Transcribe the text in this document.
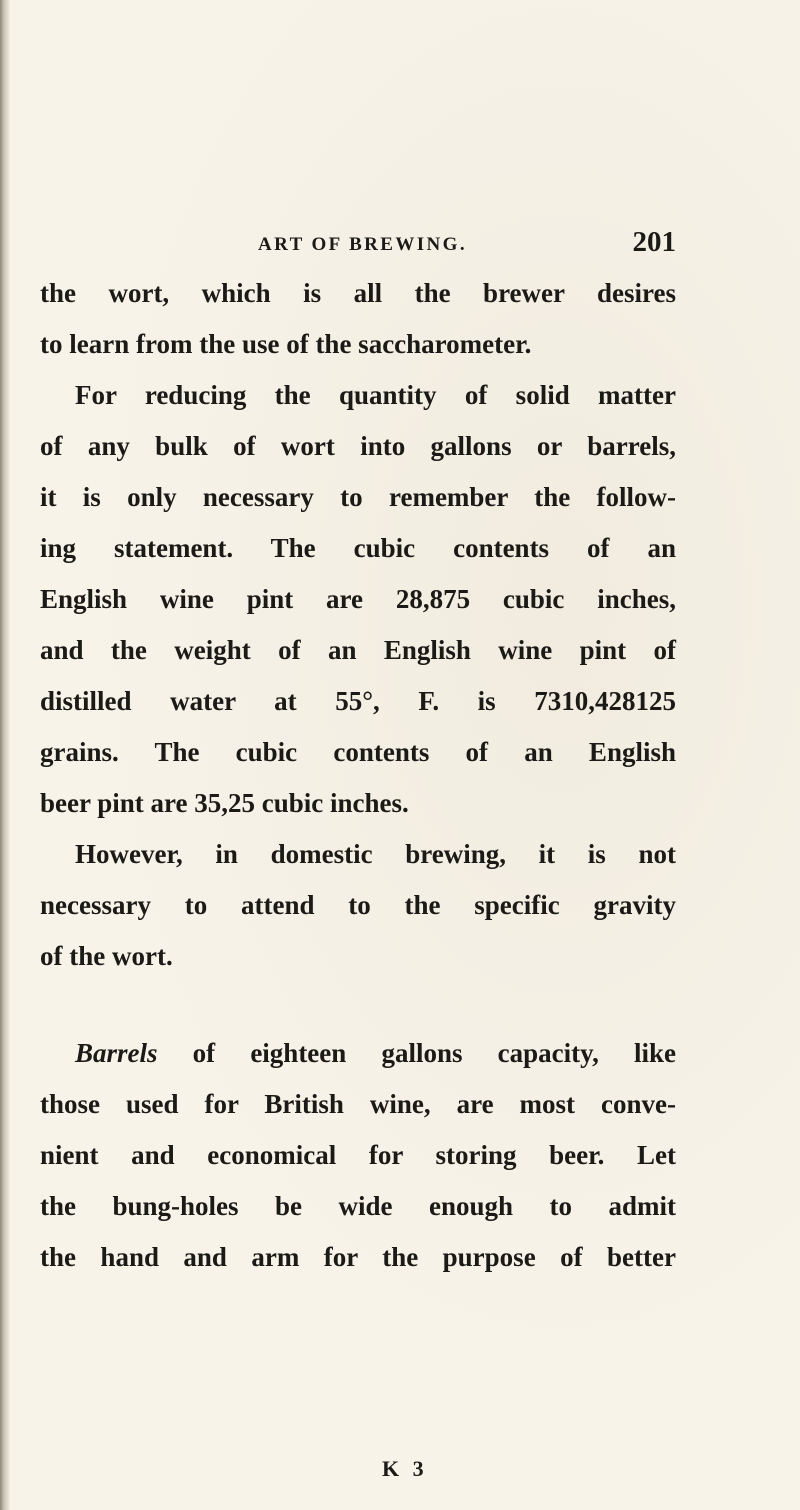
ART OF BREWING.	201
the wort, which is all the brewer desires
to learn from the use of the saccharometer.
For reducing the quantity of solid matter
of any bulk of wort into gallons or barrels,
it is only necessary to remember the follow-
ing statement. The cubic contents of an
English wine pint are 28,875 cubic inches,
and the weight of an English wine pint of
distilled water at 55°, F. is 7310,428125
grains. The cubic contents of an English
beer pint are 35,25 cubic inches.
However, in domestic brewing, it is not
necessary to attend to the specific gravity
of the wort.
Barrels of eighteen gallons capacity, like
those used for British wine, are most conve-
nient and economical for storing beer. Let
the bung-holes be wide enough to admit
the hand and arm for the purpose of better
K 3
